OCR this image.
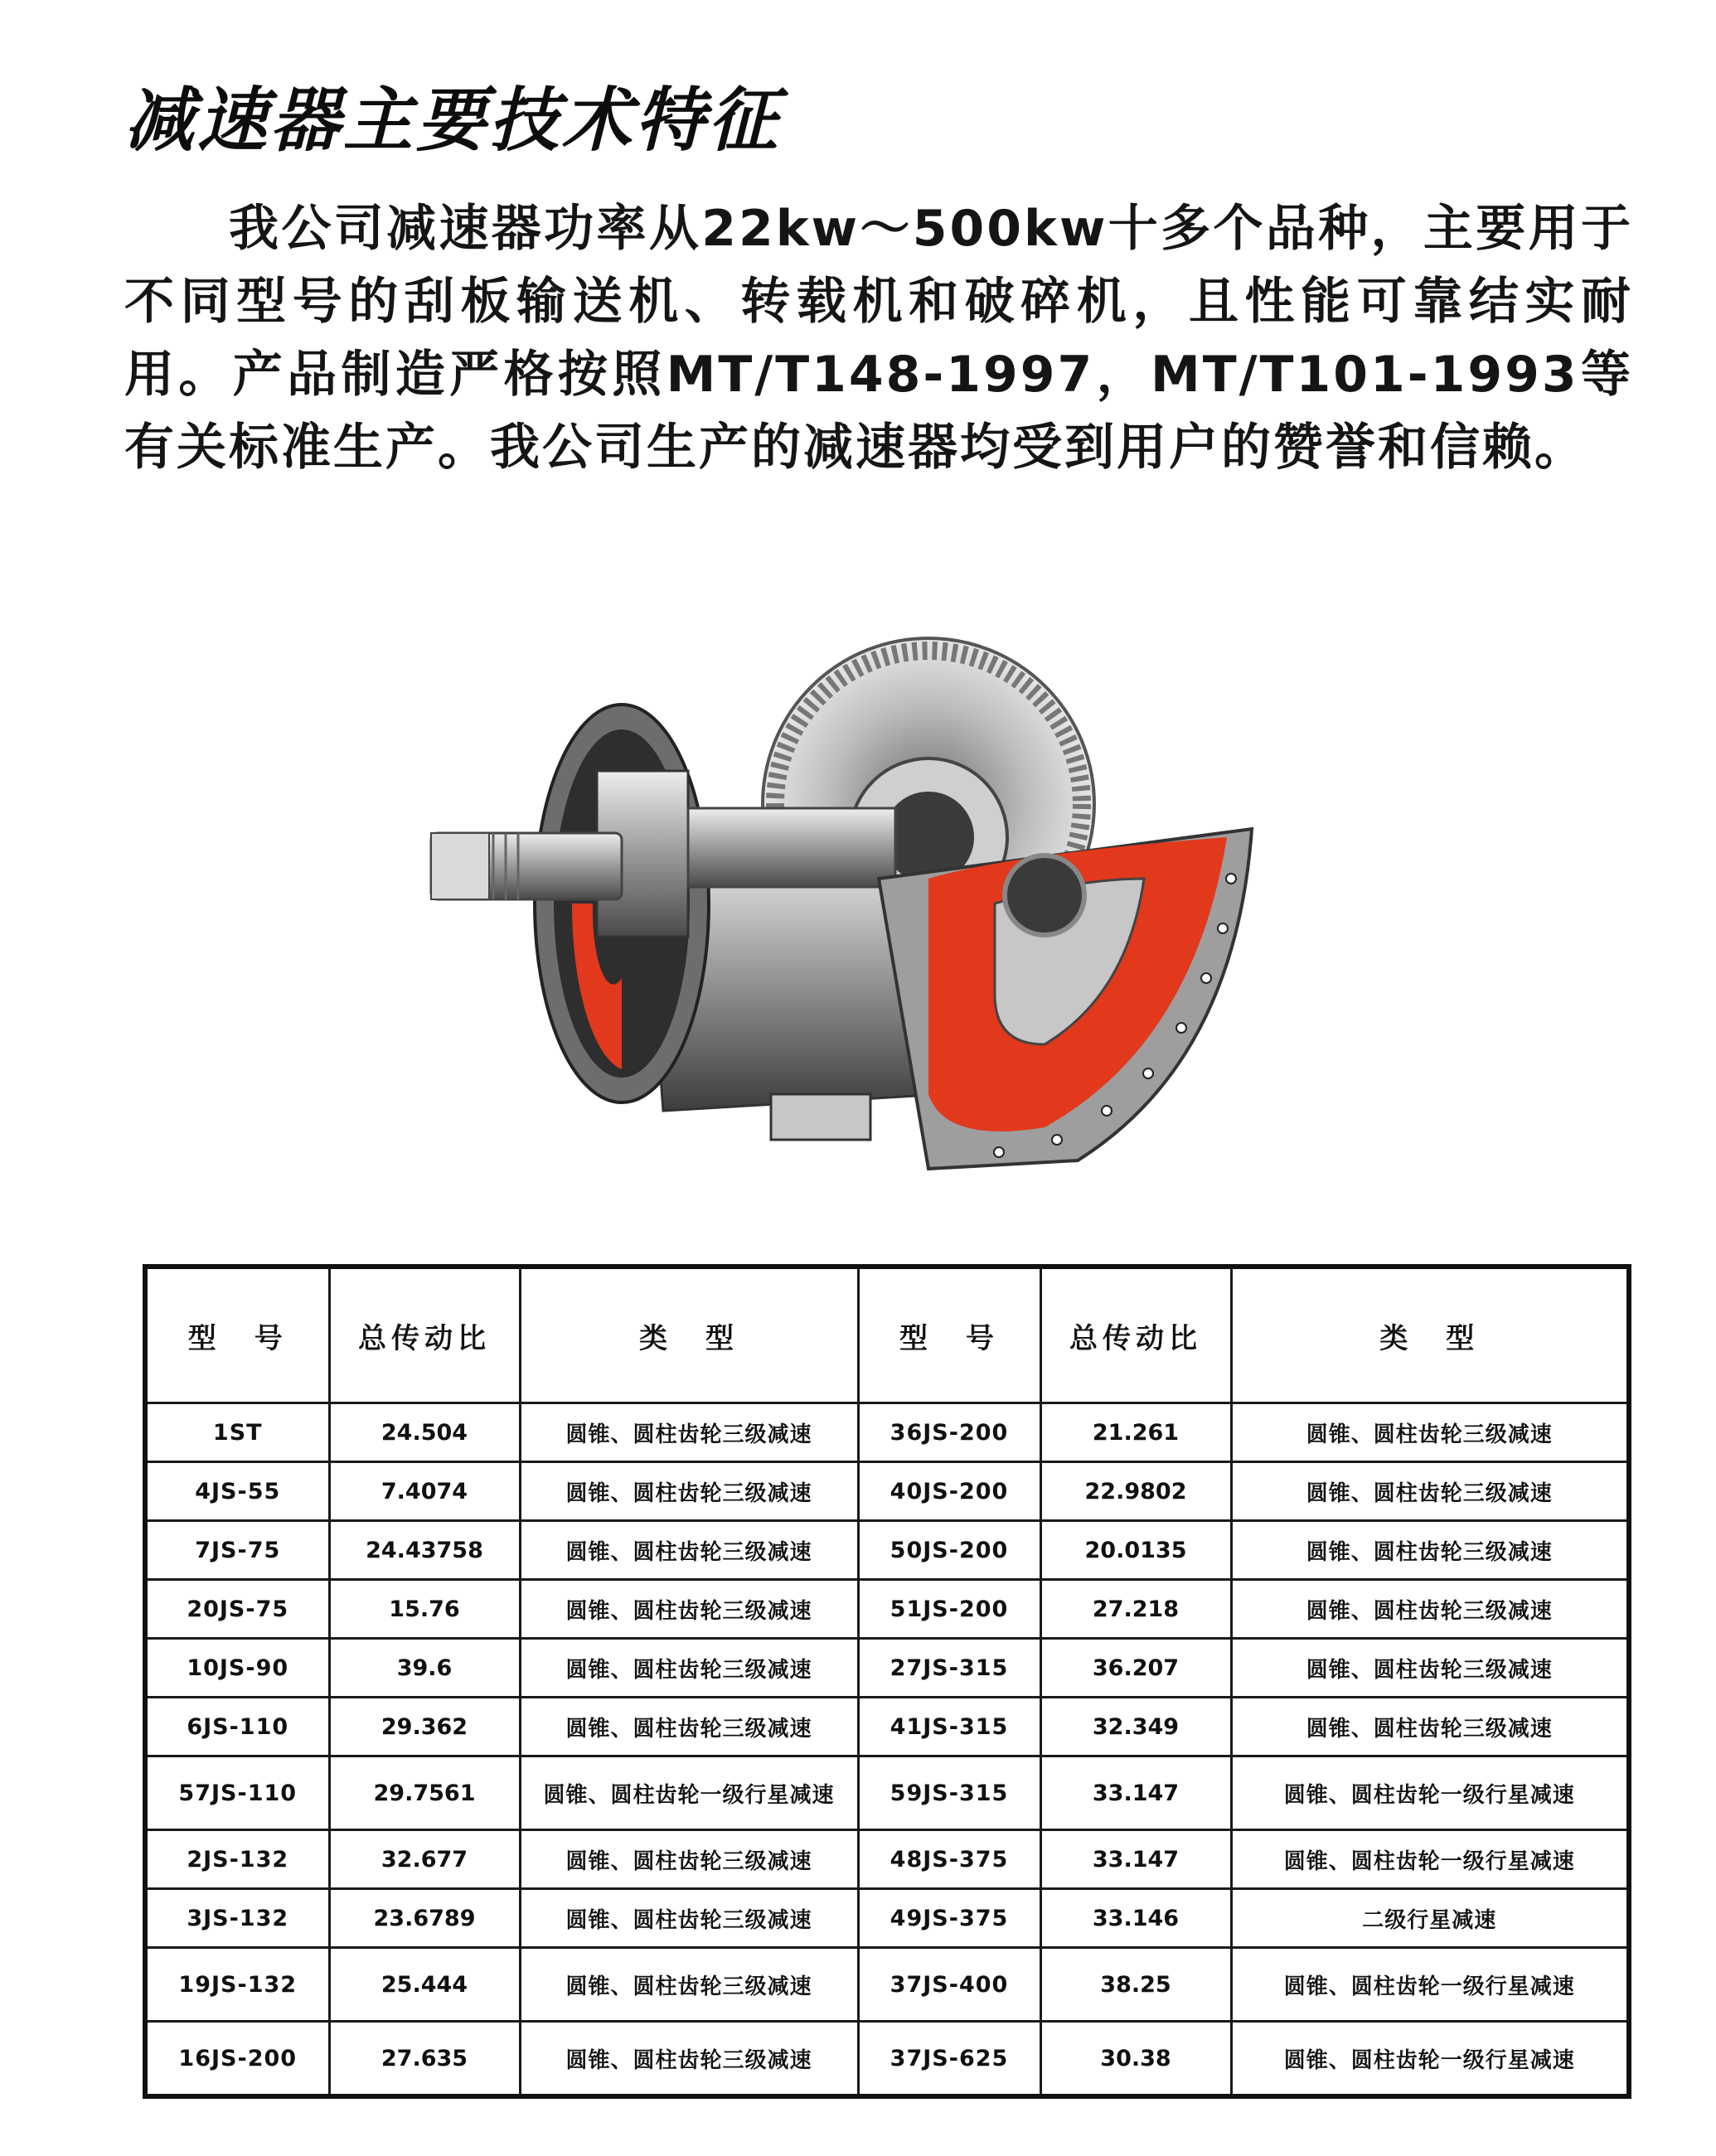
减速器主要技术特征

我公司减速器功率从22kw～500kw十多个品种，主要用于不同型号的刮板输送机、转载机和破碎机，且性能可靠结实耐用。产品制造严格按照MT/T148-1997，MT/T101-1993等有关标准生产。我公司生产的减速器均受到用户的赞誉和信赖。

型　号	总传动比	类　型	型　号	总传动比	类　型
1ST	24.504	圆锥、圆柱齿轮三级减速	36JS-200	21.261	圆锥、圆柱齿轮三级减速
4JS-55	7.4074	圆锥、圆柱齿轮三级减速	40JS-200	22.9802	圆锥、圆柱齿轮三级减速
7JS-75	24.43758	圆锥、圆柱齿轮三级减速	50JS-200	20.0135	圆锥、圆柱齿轮三级减速
20JS-75	15.76	圆锥、圆柱齿轮三级减速	51JS-200	27.218	圆锥、圆柱齿轮三级减速
10JS-90	39.6	圆锥、圆柱齿轮三级减速	27JS-315	36.207	圆锥、圆柱齿轮三级减速
6JS-110	29.362	圆锥、圆柱齿轮三级减速	41JS-315	32.349	圆锥、圆柱齿轮三级减速
57JS-110	29.7561	圆锥、圆柱齿轮一级行星减速	59JS-315	33.147	圆锥、圆柱齿轮一级行星减速
2JS-132	32.677	圆锥、圆柱齿轮三级减速	48JS-375	33.147	圆锥、圆柱齿轮一级行星减速
3JS-132	23.6789	圆锥、圆柱齿轮三级减速	49JS-375	33.146	二级行星减速
19JS-132	25.444	圆锥、圆柱齿轮三级减速	37JS-400	38.25	圆锥、圆柱齿轮一级行星减速
16JS-200	27.635	圆锥、圆柱齿轮三级减速	37JS-625	30.38	圆锥、圆柱齿轮一级行星减速
